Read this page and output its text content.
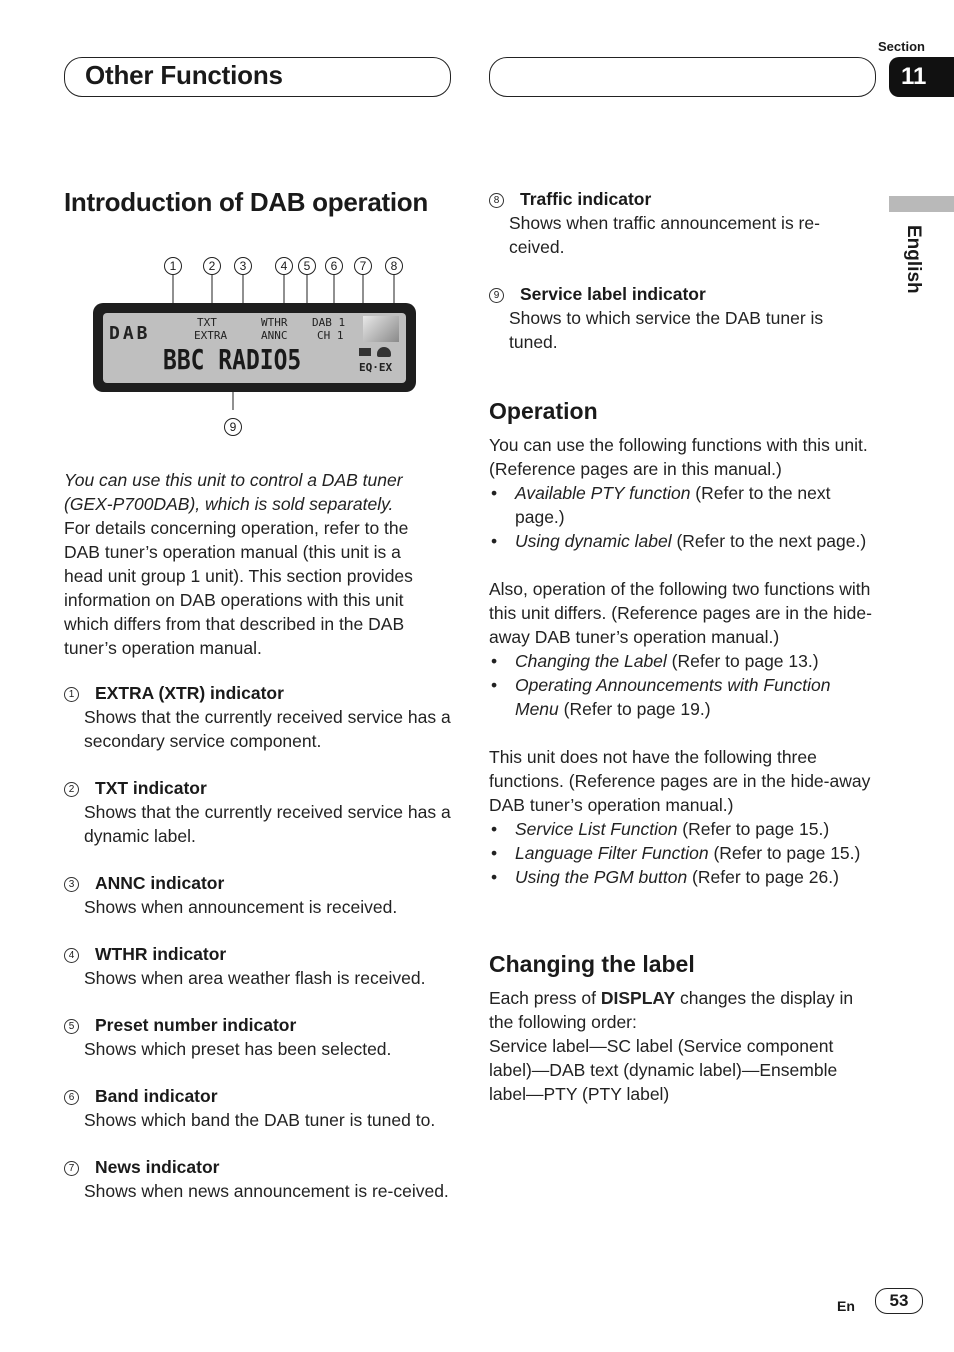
Other Functions
Section
11
English
Introduction of DAB operation
1	2	3	4	5	6	7	8
DAB
TXT
EXTRA
WTHR
ANNC
DAB 1
CH 1
BBC RADIO5	EQ·EX
9
You can use this unit to control a DAB tuner (GEX-P700DAB), which is sold separately.
For details concerning operation, refer to the DAB tuner’s operation manual (this unit is a head unit group 1 unit). This section provides information on DAB operations with this unit which differs from that described in the DAB tuner’s operation manual.
1 EXTRA (XTR) indicator
Shows that the currently received service has a secondary service component.
2 TXT indicator
Shows that the currently received service has a dynamic label.
3 ANNC indicator
Shows when announcement is received.
4 WTHR indicator
Shows when area weather flash is received.
5 Preset number indicator
Shows which preset has been selected.
6 Band indicator
Shows which band the DAB tuner is tuned to.
7 News indicator
Shows when news announcement is re-ceived.
8 Traffic indicator
Shows when traffic announcement is re-ceived.
9 Service label indicator
Shows to which service the DAB tuner is tuned.
Operation
You can use the following functions with this unit. (Reference pages are in this manual.)
• Available PTY function (Refer to the next page.)
• Using dynamic label (Refer to the next page.)
Also, operation of the following two functions with this unit differs. (Reference pages are in the hide-away DAB tuner’s operation manual.)
• Changing the Label (Refer to page 13.)
• Operating Announcements with Function Menu (Refer to page 19.)
This unit does not have the following three functions. (Reference pages are in the hide-away DAB tuner’s operation manual.)
• Service List Function (Refer to page 15.)
• Language Filter Function (Refer to page 15.)
• Using the PGM button (Refer to page 26.)
Changing the label
Each press of DISPLAY changes the display in the following order:
Service label—SC label (Service component label)—DAB text (dynamic label)—Ensemble label—PTY (PTY label)
En	53
